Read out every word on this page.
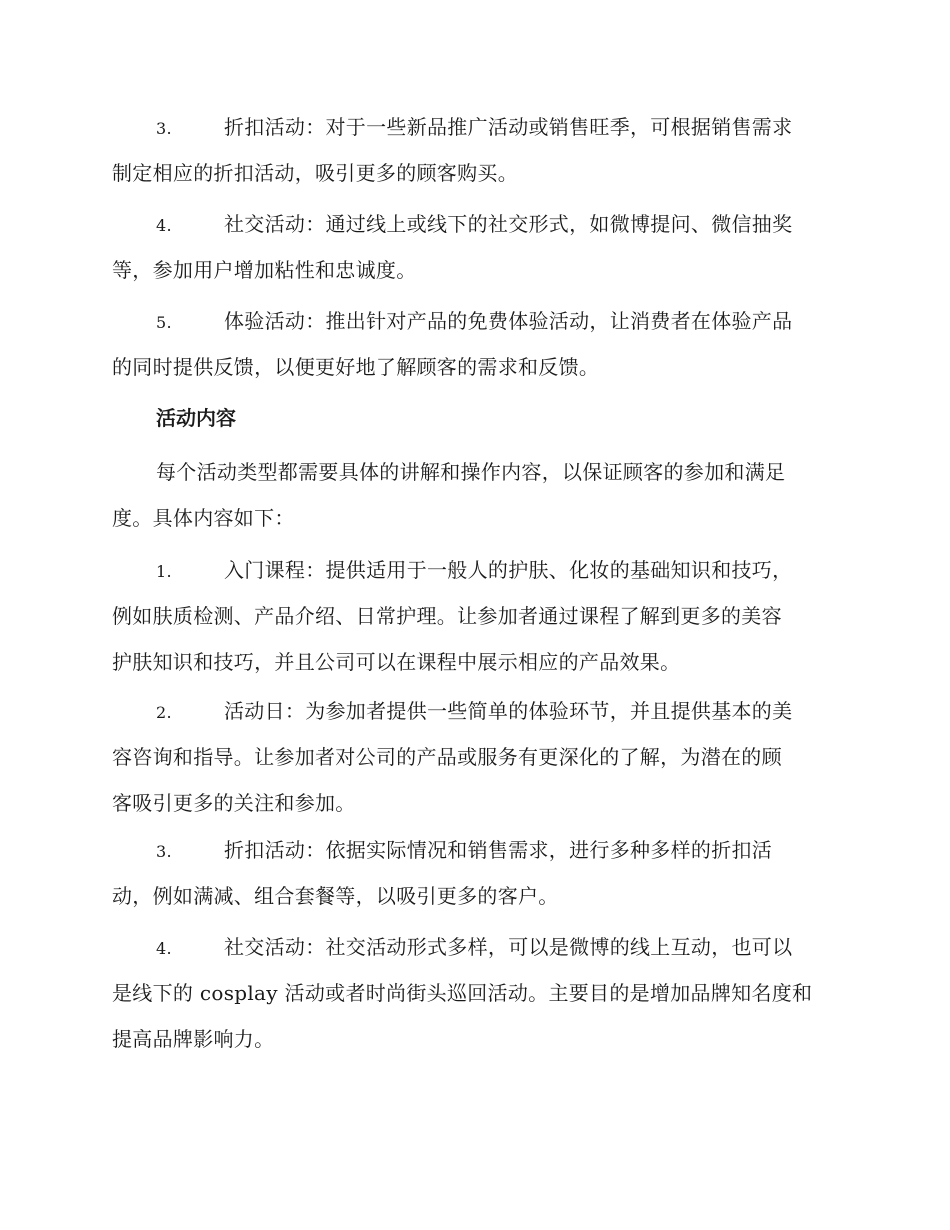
3.	折扣活动：对于一些新品推广活动或销售旺季，可根据销售需求
制定相应的折扣活动，吸引更多的顾客购买。
4.	社交活动：通过线上或线下的社交形式，如微博提问、微信抽奖
等，参加用户增加粘性和忠诚度。
5.	体验活动：推出针对产品的免费体验活动，让消费者在体验产品
的同时提供反馈，以便更好地了解顾客的需求和反馈。
活动内容
每个活动类型都需要具体的讲解和操作内容，以保证顾客的参加和满足
度。具体内容如下：
1.	入门课程：提供适用于一般人的护肤、化妆的基础知识和技巧，
例如肤质检测、产品介绍、日常护理。让参加者通过课程了解到更多的美容
护肤知识和技巧，并且公司可以在课程中展示相应的产品效果。
2.	活动日：为参加者提供一些简单的体验环节，并且提供基本的美
容咨询和指导。让参加者对公司的产品或服务有更深化的了解，为潜在的顾
客吸引更多的关注和参加。
3.	折扣活动：依据实际情况和销售需求，进行多种多样的折扣活
动，例如满减、组合套餐等，以吸引更多的客户。
4.	社交活动：社交活动形式多样，可以是微博的线上互动，也可以
是线下的 cosplay 活动或者时尚街头巡回活动。主要目的是增加品牌知名度和
提高品牌影响力。
